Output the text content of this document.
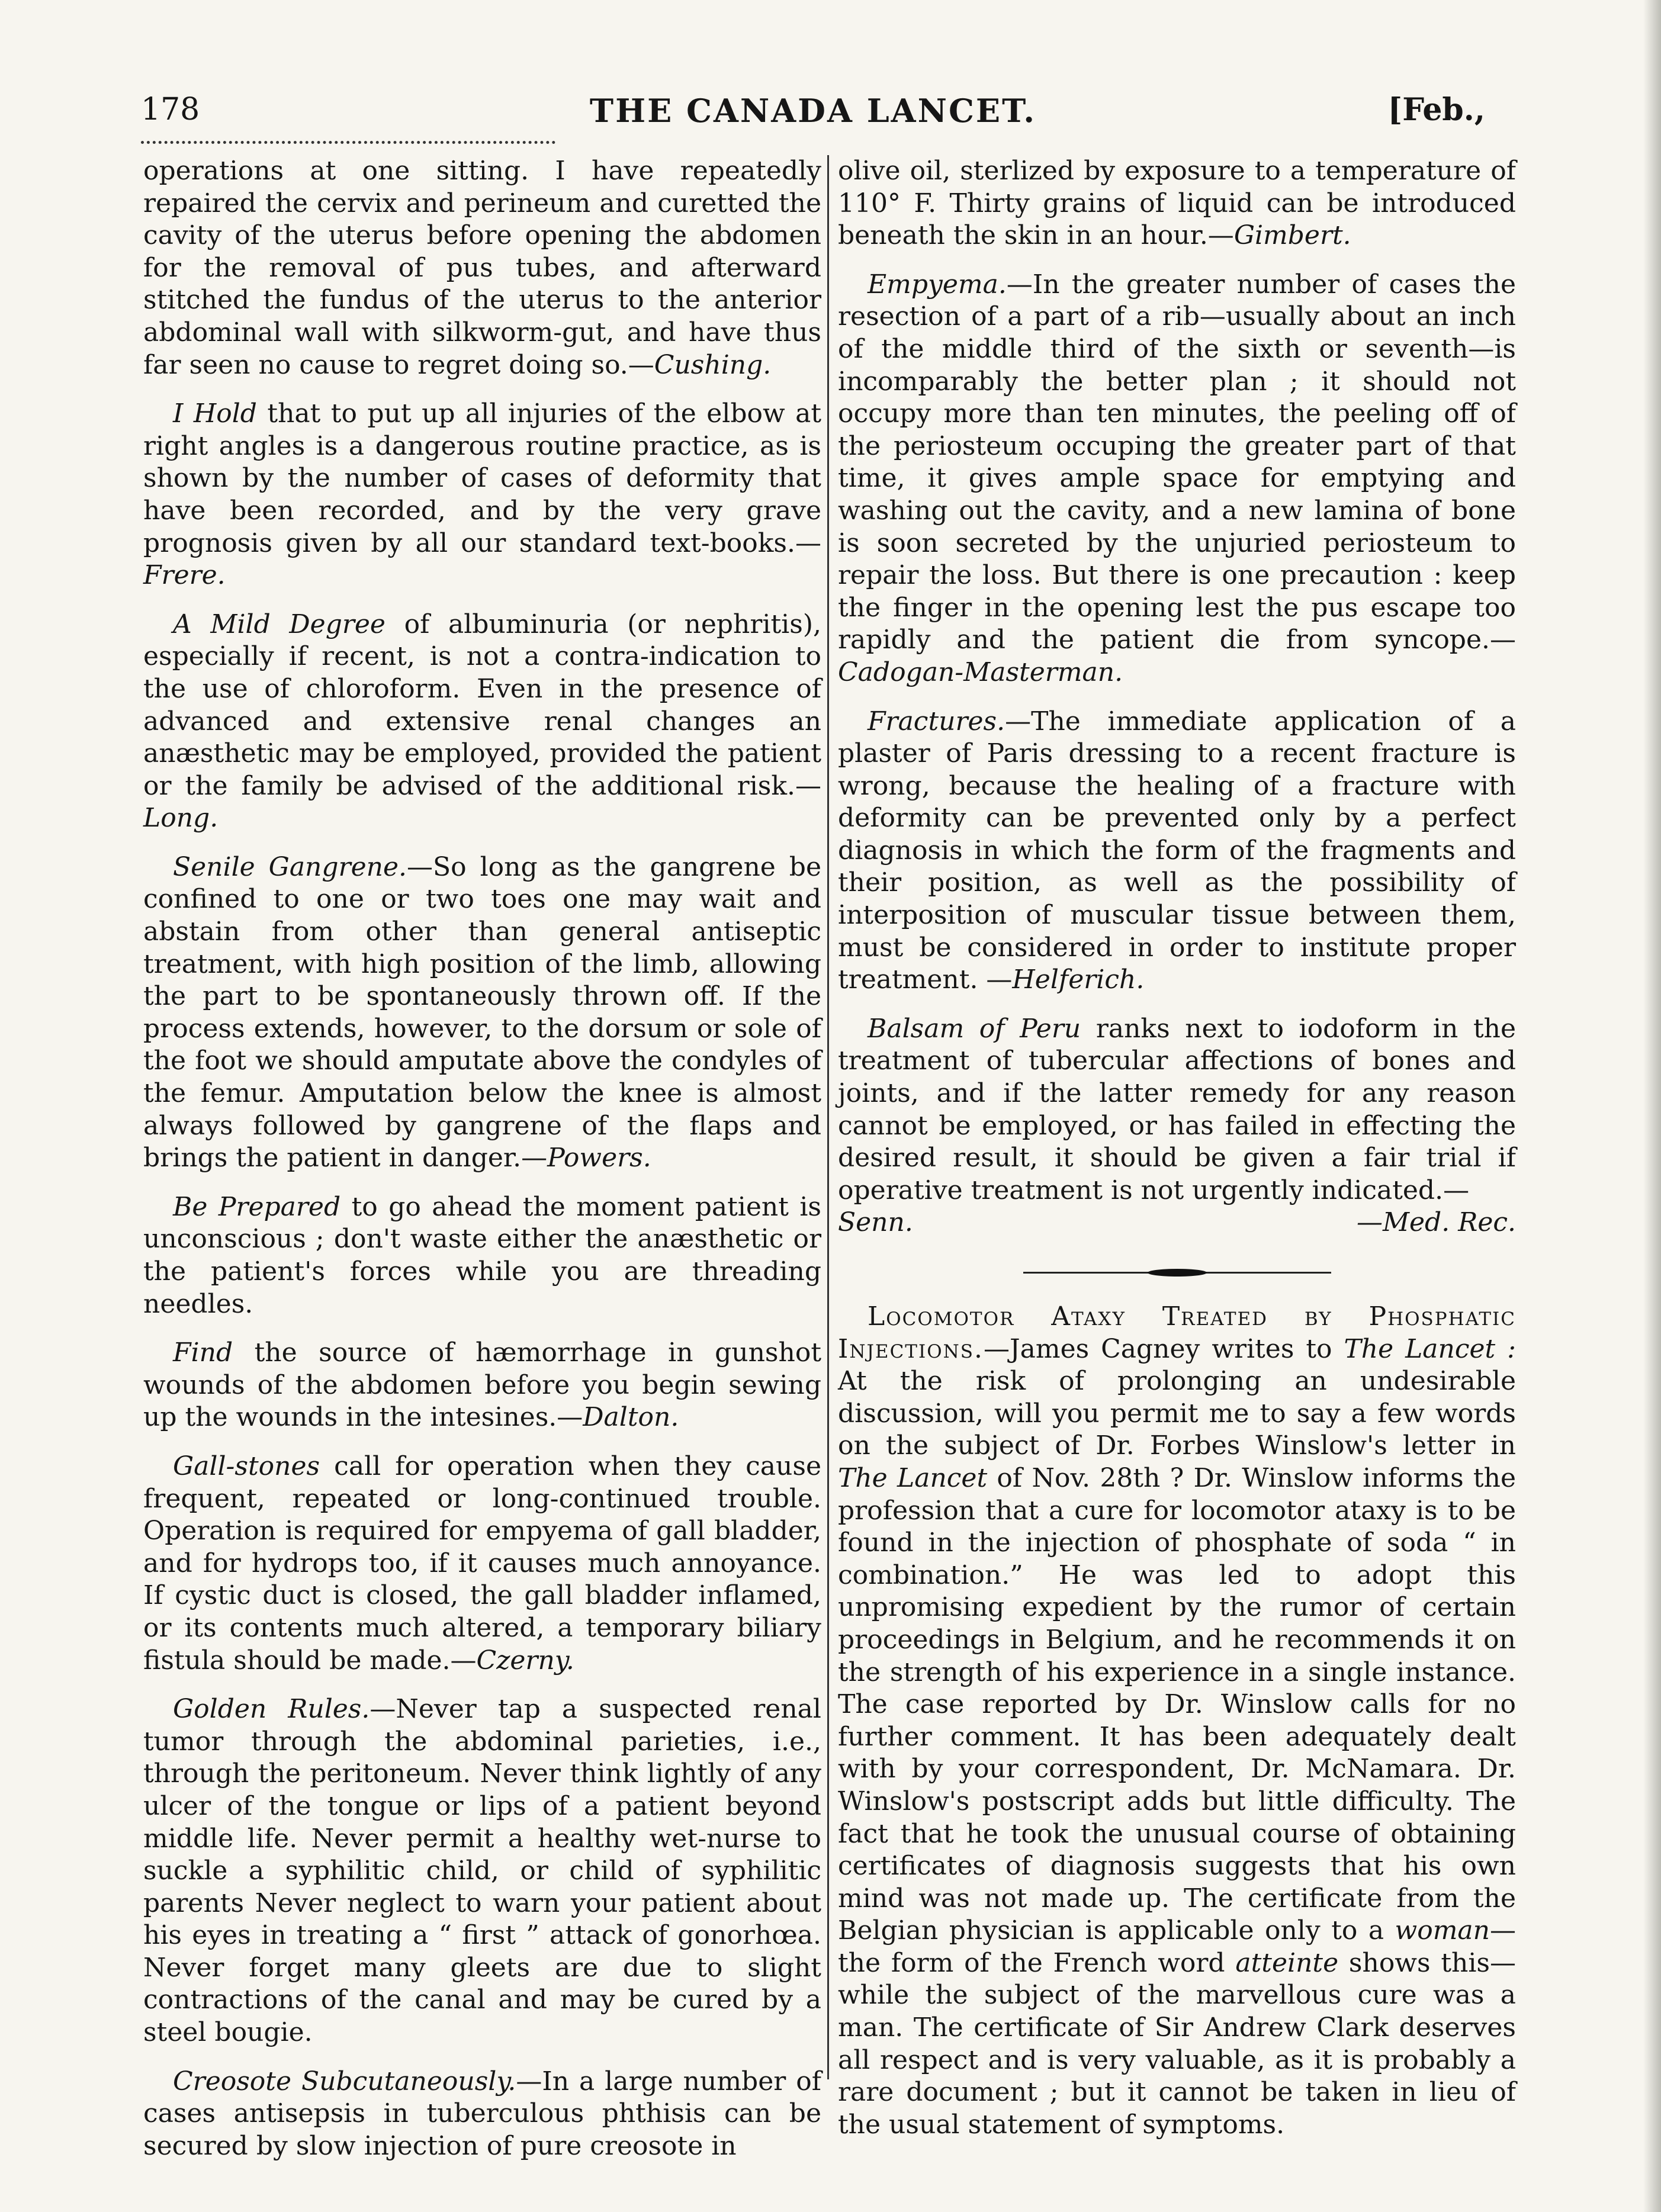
178	THE CANADA LANCET.	[Feb.,

operations at one sitting. I have repeatedly repaired the cervix and perineum and curetted the cavity of the uterus before opening the abdomen for the removal of pus tubes, and afterward stitched the fundus of the uterus to the anterior abdominal wall with silkworm-gut, and have thus far seen no cause to regret doing so.—Cushing.

I Hold that to put up all injuries of the elbow at right angles is a dangerous routine practice, as is shown by the number of cases of deformity that have been recorded, and by the very grave prognosis given by all our standard text-books.—Frere.

A Mild Degree of albuminuria (or nephritis), especially if recent, is not a contra-indication to the use of chloroform. Even in the presence of advanced and extensive renal changes an anæsthetic may be employed, provided the patient or the family be advised of the additional risk.—Long.

Senile Gangrene.—So long as the gangrene be confined to one or two toes one may wait and abstain from other than general antiseptic treatment, with high position of the limb, allowing the part to be spontaneously thrown off. If the process extends, however, to the dorsum or sole of the foot we should amputate above the condyles of the femur. Amputation below the knee is almost always followed by gangrene of the flaps and brings the patient in danger.—Powers.

Be Prepared to go ahead the moment patient is unconscious ; don't waste either the anæsthetic or the patient's forces while you are threading needles.

Find the source of hæmorrhage in gunshot wounds of the abdomen before you begin sewing up the wounds in the intesines.—Dalton.

Gall-stones call for operation when they cause frequent, repeated or long-continued trouble. Operation is required for empyema of gall bladder, and for hydrops too, if it causes much annoyance. If cystic duct is closed, the gall bladder inflamed, or its contents much altered, a temporary biliary fistula should be made.—Czerny.

Golden Rules.—Never tap a suspected renal tumor through the abdominal parieties, i.e., through the peritoneum. Never think lightly of any ulcer of the tongue or lips of a patient beyond middle life. Never permit a healthy wet-nurse to suckle a syphilitic child, or child of syphilitic parents Never neglect to warn your patient about his eyes in treating a “ first ” attack of gonorhœa. Never forget many gleets are due to slight contractions of the canal and may be cured by a steel bougie.

Creosote Subcutaneously.—In a large number of cases antisepsis in tuberculous phthisis can be secured by slow injection of pure creosote in

olive oil, sterlized by exposure to a temperature of 110° F. Thirty grains of liquid can be introduced beneath the skin in an hour.—Gimbert.

Empyema.—In the greater number of cases the resection of a part of a rib—usually about an inch of the middle third of the sixth or seventh—is incomparably the better plan ; it should not occupy more than ten minutes, the peeling off of the periosteum occuping the greater part of that time, it gives ample space for emptying and washing out the cavity, and a new lamina of bone is soon secreted by the unjuried periosteum to repair the loss. But there is one precaution : keep the finger in the opening lest the pus escape too rapidly and the patient die from syncope.—Cadogan-Masterman.

Fractures.—The immediate application of a plaster of Paris dressing to a recent fracture is wrong, because the healing of a fracture with deformity can be prevented only by a perfect diagnosis in which the form of the fragments and their position, as well as the possibility of interposition of muscular tissue between them, must be considered in order to institute proper treatment. —Helferich.

Balsam of Peru ranks next to iodoform in the treatment of tubercular affections of bones and joints, and if the latter remedy for any reason cannot be employed, or has failed in effecting the desired result, it should be given a fair trial if operative treatment is not urgently indicated.—

Senn.	—Med. Rec.

Locomotor Ataxy Treated by Phosphatic Injections.—James Cagney writes to The Lancet : At the risk of prolonging an undesirable discussion, will you permit me to say a few words on the subject of Dr. Forbes Winslow's letter in The Lancet of Nov. 28th ? Dr. Winslow informs the profession that a cure for locomotor ataxy is to be found in the injection of phosphate of soda “ in combination.” He was led to adopt this unpromising expedient by the rumor of certain proceedings in Belgium, and he recommends it on the strength of his experience in a single instance. The case reported by Dr. Winslow calls for no further comment. It has been adequately dealt with by your correspondent, Dr. McNamara. Dr. Winslow's postscript adds but little difficulty. The fact that he took the unusual course of obtaining certificates of diagnosis suggests that his own mind was not made up. The certificate from the Belgian physician is applicable only to a woman—the form of the French word atteinte shows this—while the subject of the marvellous cure was a man. The certificate of Sir Andrew Clark deserves all respect and is very valuable, as it is probably a rare document ; but it cannot be taken in lieu of the usual statement of symptoms.
